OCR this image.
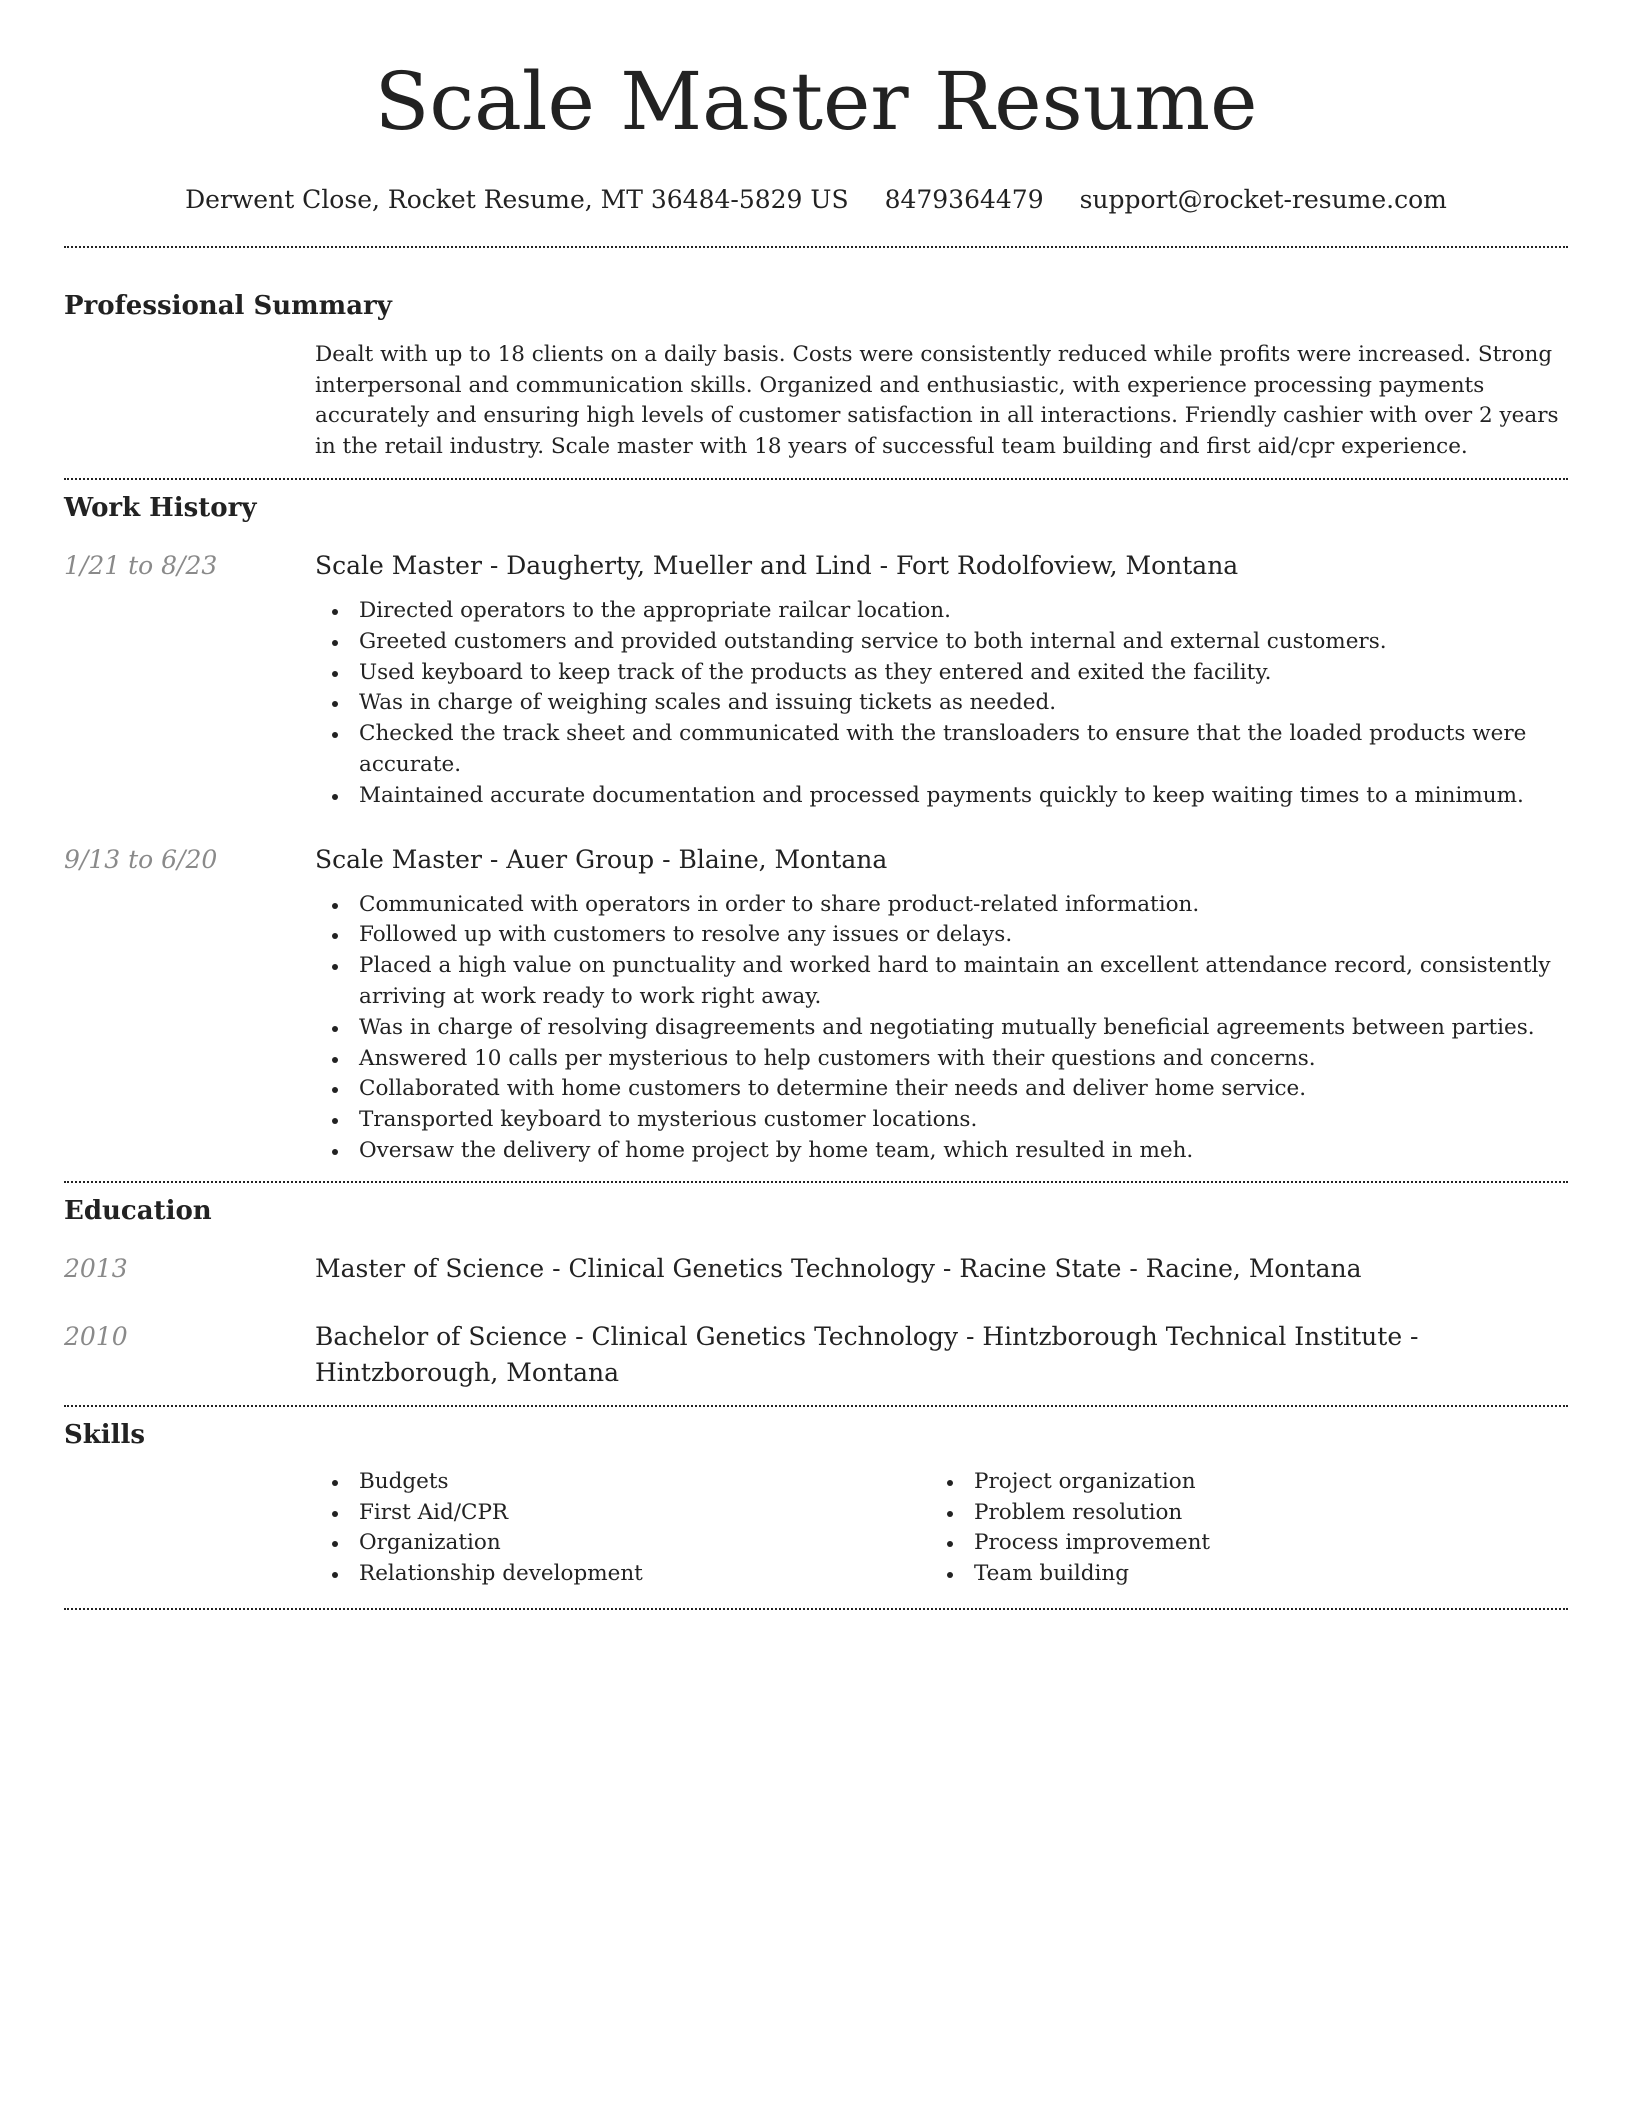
Scale Master Resume
Derwent Close, Rocket Resume, MT 36484-5829 US 8479364479 support@rocket-resume.com
Professional Summary

Dealt with up to 18 clients on a daily basis. Costs were consistently reduced while profits were increased. Strong interpersonal and communication skills. Organized and enthusiastic, with experience processing payments accurately and ensuring high levels of customer satisfaction in all interactions. Friendly cashier with over 2 years in the retail industry. Scale master with 18 years of successful team building and first aid/cpr experience.

Work History
1/21 to 8/23	Scale Master - Daugherty, Mueller and Lind - Fort Rodolfoview, Montana
Directed operators to the appropriate railcar location.
Greeted customers and provided outstanding service to both internal and external customers.
Used keyboard to keep track of the products as they entered and exited the facility.
Was in charge of weighing scales and issuing tickets as needed.
Checked the track sheet and communicated with the transloaders to ensure that the loaded products were accurate.
Maintained accurate documentation and processed payments quickly to keep waiting times to a minimum.
9/13 to 6/20	Scale Master - Auer Group - Blaine, Montana
Communicated with operators in order to share product-related information.
Followed up with customers to resolve any issues or delays.
Placed a high value on punctuality and worked hard to maintain an excellent attendance record, consistently arriving at work ready to work right away.
Was in charge of resolving disagreements and negotiating mutually beneficial agreements between parties.
Answered 10 calls per mysterious to help customers with their questions and concerns.
Collaborated with home customers to determine their needs and deliver home service.
Transported keyboard to mysterious customer locations.
Oversaw the delivery of home project by home team, which resulted in meh.
Education
2013	Master of Science - Clinical Genetics Technology - Racine State - Racine, Montana
2010	Bachelor of Science - Clinical Genetics Technology - Hintzborough Technical Institute - Hintzborough, Montana
Skills
Budgets
First Aid/CPR
Organization
Relationship development
Project organization
Problem resolution
Process improvement
Team building
